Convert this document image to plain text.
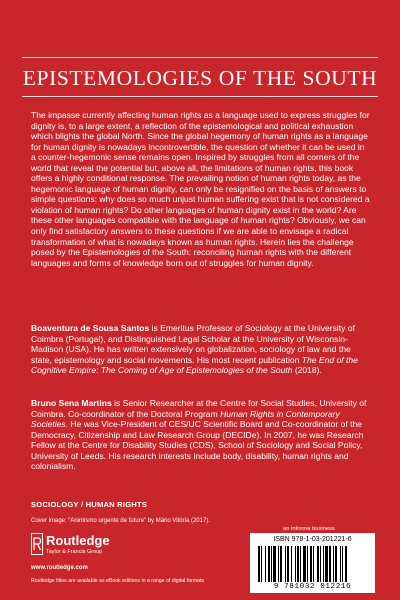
EPISTEMOLOGIES OF THE SOUTH

The impasse currently affecting human rights as a language used to express struggles for dignity is, to a large extent, a reflection of the epistemological and political exhaustion which blights the global North. Since the global hegemony of human rights as a language for human dignity is nowadays incontrovertible, the question of whether it can be used in a counter-hegemonic sense remains open. Inspired by struggles from all corners of the world that reveal the potential but, above all, the limitations of human rights, this book offers a highly conditional response. The prevailing notion of human rights today, as the hegemonic language of human dignity, can only be resignified on the basis of answers to simple questions: why does so much unjust human suffering exist that is not considered a violation of human rights? Do other languages of human dignity exist in the world? Are these other languages compatible with the language of human rights? Obviously, we can only find satisfactory answers to these questions if we are able to envisage a radical transformation of what is nowadays known as human rights. Herein lies the challenge posed by the Epistemologies of the South: reconciling human rights with the different languages and forms of knowledge born out of struggles for human dignity.

Boaventura de Sousa Santos is Emeritus Professor of Sociology at the University of Coimbra (Portugal), and Distinguished Legal Scholar at the University of Wisconsin-Madison (USA). He has written extensively on globalization, sociology of law and the state, epistemology and social movements. His most recent publication The End of the Cognitive Empire: The Coming of Age of Epistemologies of the South (2018).

Bruno Sena Martins is Senior Researcher at the Centre for Social Studies, University of Coimbra. Co-coordinator of the Doctoral Program Human Rights in Contemporary Societies. He was Vice-President of CES/UC Scientific Board and Co-coordinator of the Democracy, Citizenship and Law Research Group (DECIDe). In 2007, he was Research Fellow at the Centre for Disability Studies (CDS), School of Sociology and Social Policy, University of Leeds. His research interests include body, disability, human rights and colonialism.

SOCIOLOGY / HUMAN RIGHTS
Cover image: “Animismo urgente de future” by Mário Vitória (2017).
Routledge
Taylor & Francis Group
www.routledge.com
Routledge titles are available as eBook editions in a range of digital formats
an informa business
ISBN 978-1-03-201221-6
9 781032 012216
